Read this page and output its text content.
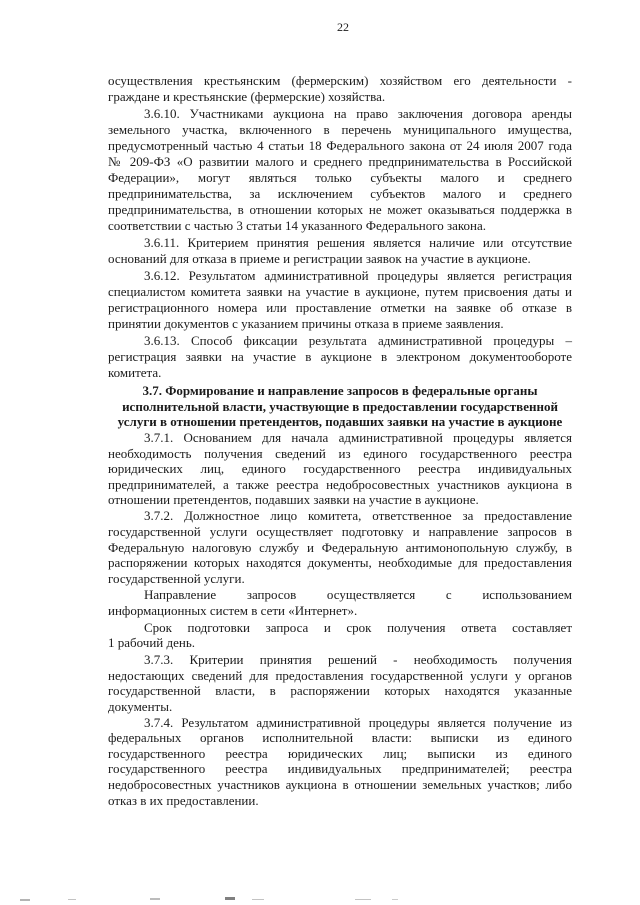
22
осуществления крестьянским (фермерским) хозяйством его деятельности -
граждане и крестьянские (фермерские) хозяйства.
3.6.10. Участниками аукциона на право заключения договора аренды
земельного участка, включенного в перечень муниципального имущества,
предусмотренный частью 4 статьи 18 Федерального закона от 24 июля 2007 года
№ 209-ФЗ «О развитии малого и среднего предпринимательства в Российской
Федерации», могут являться только субъекты малого и среднего
предпринимательства, за исключением субъектов малого и среднего
предпринимательства, в отношении которых не может оказываться поддержка в
соответствии с частью 3 статьи 14 указанного Федерального закона.
3.6.11. Критерием принятия решения является наличие или отсутствие
оснований для отказа в приеме и регистрации заявок на участие в аукционе.
3.6.12. Результатом административной процедуры является регистрация
специалистом комитета заявки на участие в аукционе, путем присвоения даты и
регистрационного номера или проставление отметки на заявке об отказе в
принятии документов с указанием причины отказа в приеме заявления.
3.6.13. Способ фиксации результата административной процедуры –
регистрация заявки на участие в аукционе в электроном документообороте
комитета.
3.7. Формирование и направление запросов в федеральные органы
исполнительной власти, участвующие в предоставлении государственной
услуги в отношении претендентов, подавших заявки на участие в аукционе
3.7.1. Основанием для начала административной процедуры является
необходимость получения сведений из единого государственного реестра
юридических лиц, единого государственного реестра индивидуальных
предпринимателей, а также реестра недобросовестных участников аукциона в
отношении претендентов, подавших заявки на участие в аукционе.
3.7.2. Должностное лицо комитета, ответственное за предоставление
государственной услуги осуществляет подготовку и направление запросов в
Федеральную налоговую службу и Федеральную антимонопольную службу, в
распоряжении которых находятся документы, необходимые для предоставления
государственной услуги.
Направление запросов осуществляется с использованием
информационных систем в сети «Интернет».
Срок подготовки запроса и срок получения ответа составляет
1 рабочий день.
3.7.3. Критерии принятия решений - необходимость получения
недостающих сведений для предоставления государственной услуги у органов
государственной власти, в распоряжении которых находятся указанные
документы.
3.7.4. Результатом административной процедуры является получение из
федеральных органов исполнительной власти: выписки из единого
государственного реестра юридических лиц; выписки из единого
государственного реестра индивидуальных предпринимателей; реестра
недобросовестных участников аукциона в отношении земельных участков; либо
отказ в их предоставлении.
